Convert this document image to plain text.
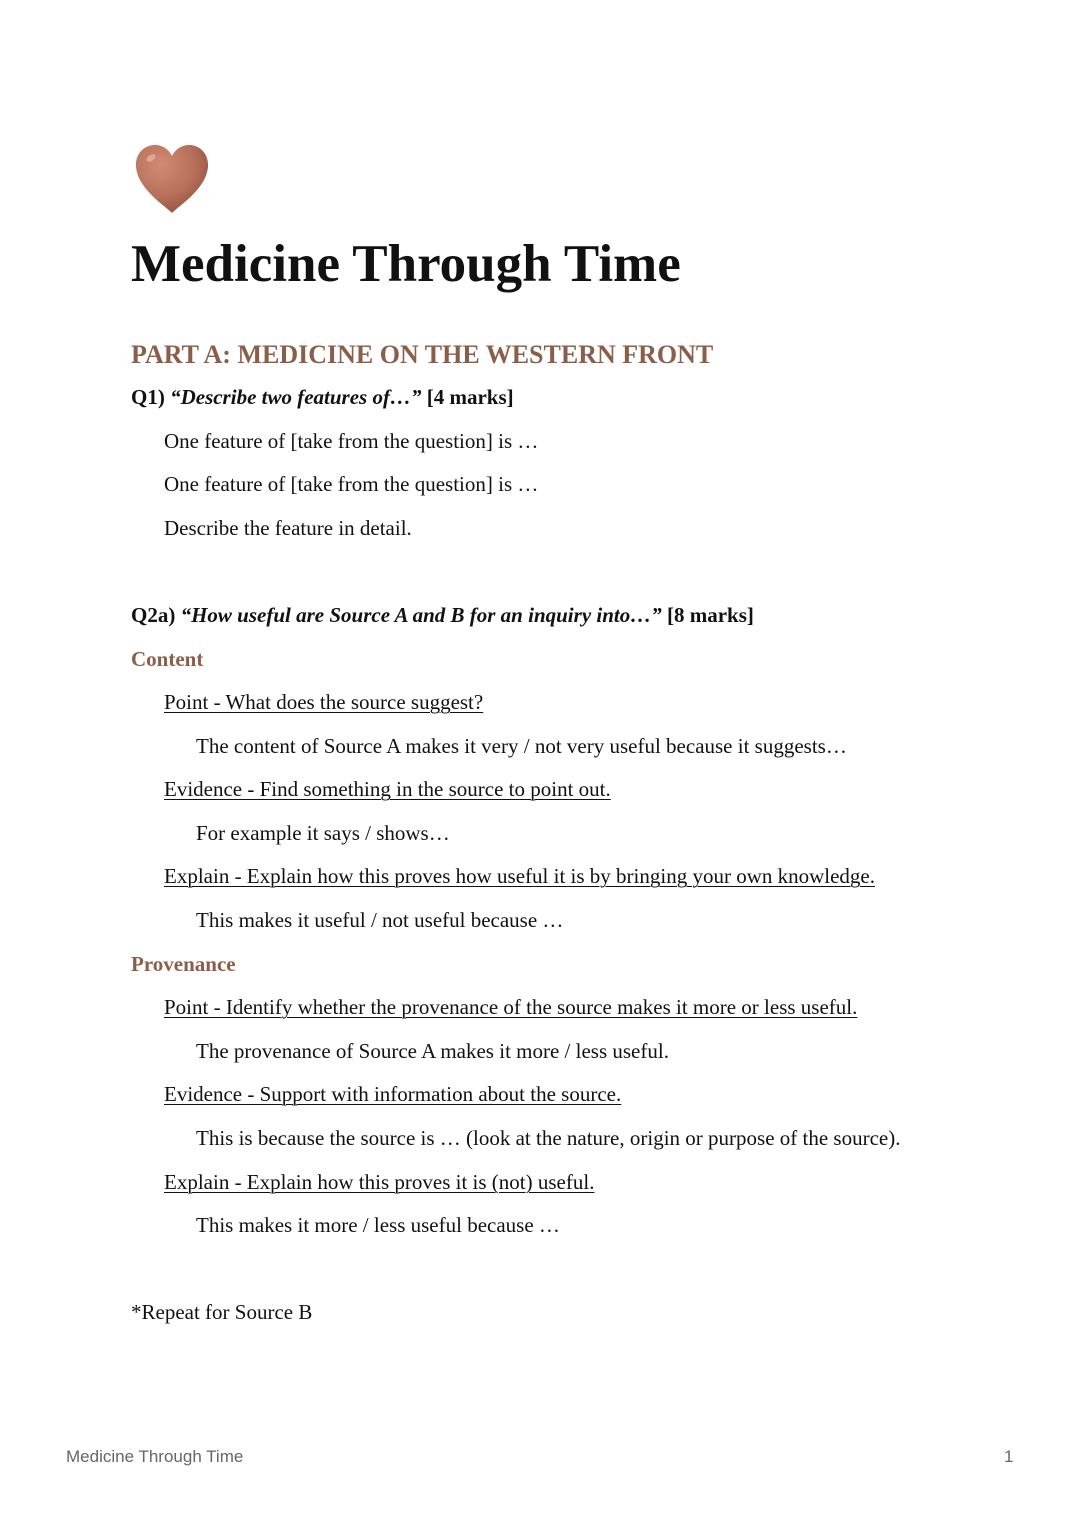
Medicine Through Time
PART A: MEDICINE ON THE WESTERN FRONT
Q1) “Describe two features of…” [4 marks]
One feature of [take from the question] is …
One feature of [take from the question] is …
Describe the feature in detail.
Q2a) “How useful are Source A and B for an inquiry into…” [8 marks]
Content
Point - What does the source suggest?
The content of Source A makes it very / not very useful because it suggests…
Evidence - Find something in the source to point out.
For example it says / shows…
Explain - Explain how this proves how useful it is by bringing your own knowledge.
This makes it useful / not useful because …
Provenance
Point - Identify whether the provenance of the source makes it more or less useful.
The provenance of Source A makes it more / less useful.
Evidence - Support with information about the source.
This is because the source is … (look at the nature, origin or purpose of the source).
Explain - Explain how this proves it is (not) useful.
This makes it more / less useful because …
*Repeat for Source B
Medicine Through Time	1
